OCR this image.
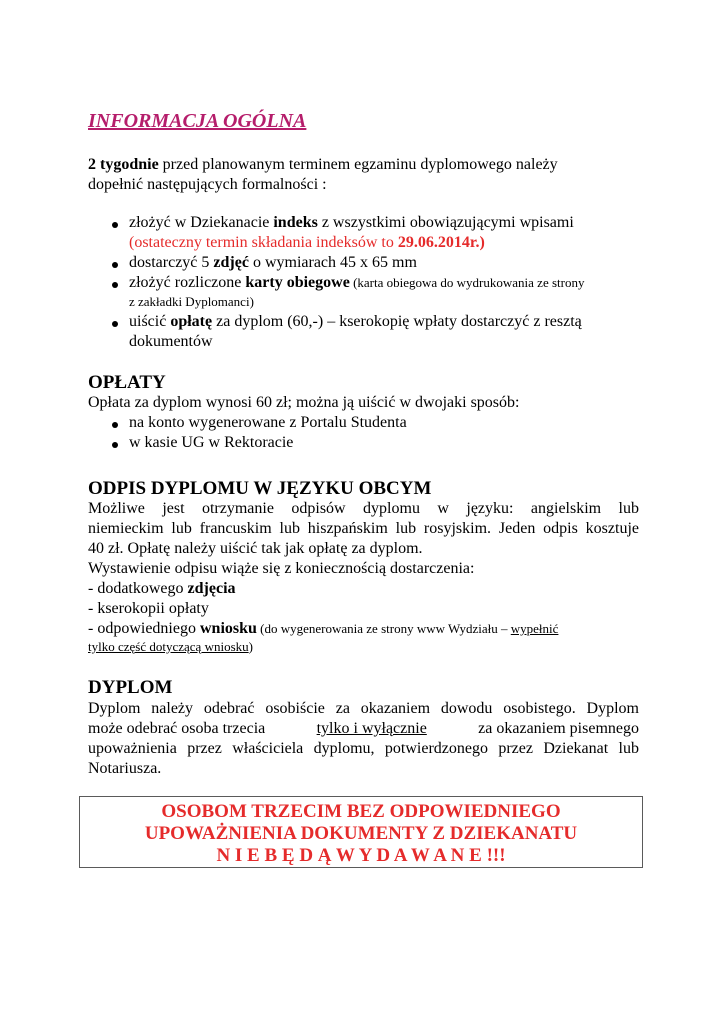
INFORMACJA OGÓLNA
2 tygodnie przed planowanym terminem egzaminu dyplomowego należy
dopełnić następujących formalności :
złożyć w Dziekanacie indeks z wszystkimi obowiązującymi wpisami
(ostateczny termin składania indeksów to 29.06.2014r.)
dostarczyć 5 zdjęć o wymiarach 45 x 65 mm
złożyć rozliczone karty obiegowe (karta obiegowa do wydrukowania ze strony
z zakładki Dyplomanci)
uiścić opłatę za dyplom (60,-) – kserokopię wpłaty dostarczyć z resztą
dokumentów
OPŁATY
Opłata za dyplom wynosi 60 zł; można ją uiścić w dwojaki sposób:
na konto wygenerowane z Portalu Studenta
w kasie UG w Rektoracie
ODPIS DYPLOMU W JĘZYKU OBCYM
Możliwe jest otrzymanie odpisów dyplomu w języku: angielskim lub
niemieckim lub francuskim lub hiszpańskim lub rosyjskim. Jeden odpis kosztuje
40 zł. Opłatę należy uiścić tak jak opłatę za dyplom.
Wystawienie odpisu wiąże się z koniecznością dostarczenia:
- dodatkowego zdjęcia
- kserokopii opłaty
- odpowiedniego wniosku (do wygenerowania ze strony www Wydziału – wypełnić
tylko część dotyczącą wniosku)
DYPLOM
Dyplom należy odebrać osobiście za okazaniem dowodu osobistego. Dyplom
może odebrać osoba trzecia	tylko i wyłącznie	za okazaniem pisemnego
upoważnienia przez właściciela dyplomu, potwierdzonego przez Dziekanat lub
Notariusza.
OSOBOM TRZECIM BEZ ODPOWIEDNIEGO
UPOWAŻNIENIA DOKUMENTY Z DZIEKANATU
N I E B Ę D Ą W Y D A W A N E !!!
